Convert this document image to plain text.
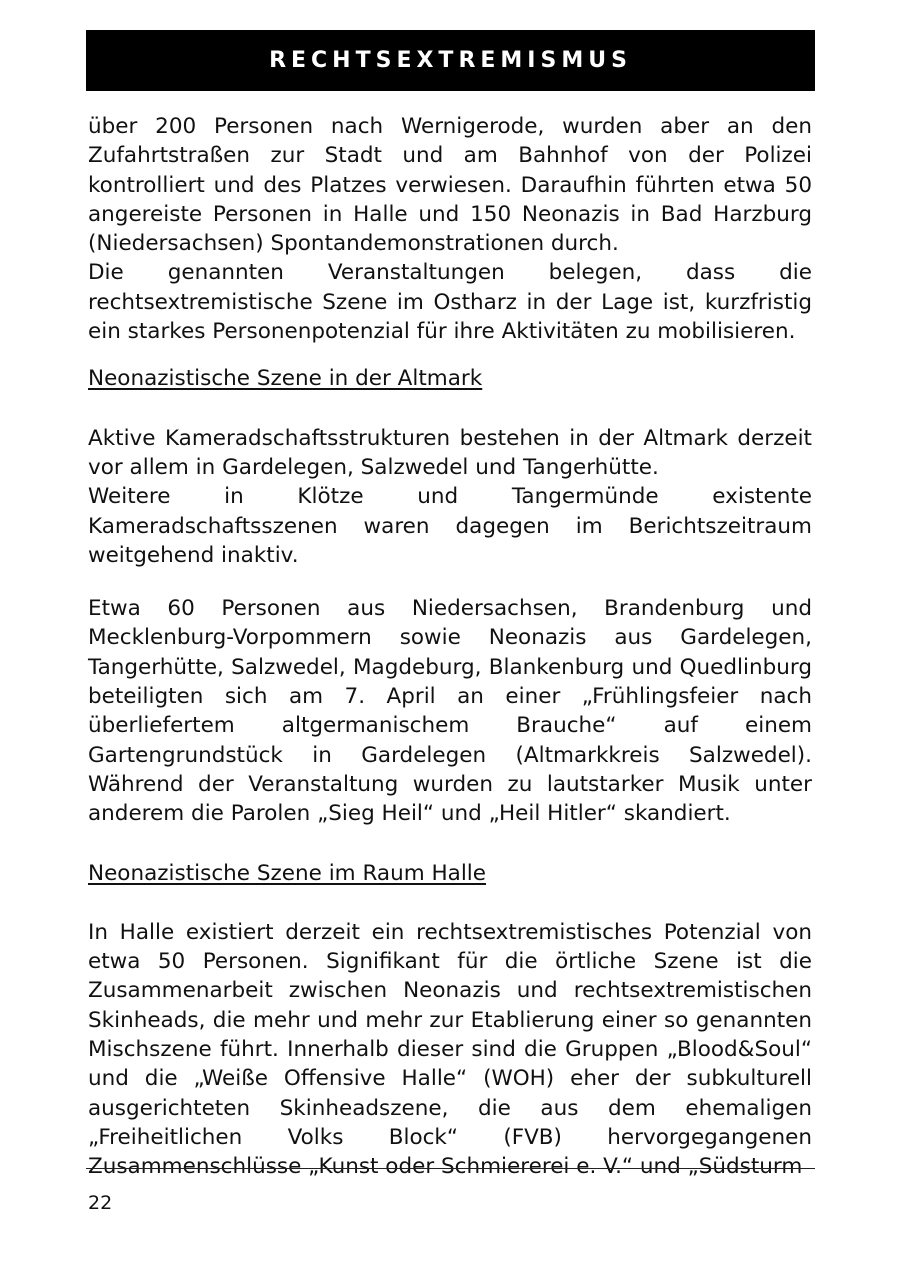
RECHTSEXTREMISMUS

über 200 Personen nach Wernigerode, wurden aber an den Zufahrtstraßen zur Stadt und am Bahnhof von der Polizei kontrolliert und des Platzes verwiesen. Daraufhin führten etwa 50 angereiste Personen in Halle und 150 Neonazis in Bad Harzburg (Niedersachsen) Spontandemonstrationen durch.

Die genannten Veranstaltungen belegen, dass die rechtsextremistische Szene im Ostharz in der Lage ist, kurzfristig ein starkes Personenpotenzial für ihre Aktivitäten zu mobilisieren.

Neonazistische Szene in der Altmark

Aktive Kameradschaftsstrukturen bestehen in der Altmark derzeit vor allem in Gardelegen, Salzwedel und Tangerhütte.

Weitere in Klötze und Tangermünde existente Kameradschaftsszenen waren dagegen im Berichtszeitraum weitgehend inaktiv.

Etwa 60 Personen aus Niedersachsen, Brandenburg und Mecklenburg-Vorpommern sowie Neonazis aus Gardelegen, Tangerhütte, Salzwedel, Magdeburg, Blankenburg und Quedlinburg beteiligten sich am 7. April an einer „Frühlingsfeier nach überliefertem altgermanischem Brauche“ auf einem Gartengrundstück in Gardelegen (Altmarkkreis Salzwedel). Während der Veranstaltung wurden zu lautstarker Musik unter anderem die Parolen „Sieg Heil“ und „Heil Hitler“ skandiert.

Neonazistische Szene im Raum Halle

In Halle existiert derzeit ein rechtsextremistisches Potenzial von etwa 50 Personen. Signifikant für die örtliche Szene ist die Zusammenarbeit zwischen Neonazis und rechtsextremistischen Skinheads, die mehr und mehr zur Etablierung einer so genannten Mischszene führt. Innerhalb dieser sind die Gruppen „Blood&Soul“ und die „Weiße Offensive Halle“ (WOH) eher der subkulturell ausgerichteten Skinheadszene, die aus dem ehemaligen „Freiheitlichen Volks Block“ (FVB) hervorgegangenen Zusammenschlüsse „Kunst oder Schmiererei e. V.“ und „Südsturm

22
